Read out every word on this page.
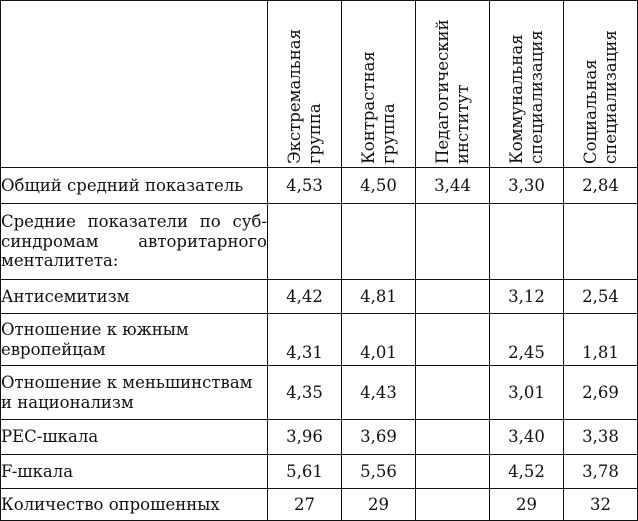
	Экстремальная группа	Контрастная группа	Педагогический институт	Коммунальная специализация	Социальная специализация

Общий средний показатель	4,53	4,50	3,44	3,30	2,84

Средние показатели по суб-
синдромам авторитарного
менталитета:					

Антисемитизм	4,42	4,81		3,12	2,54

Отношение к южным
европейцам	4,31	4,01		2,45	1,81

Отношение к меньшинствам
и национализм	4,35	4,43		3,01	2,69

РЕС-шкала	3,96	3,69		3,40	3,38

F-шкала	5,61	5,56		4,52	3,78

Количество опрошенных	27	29		29	32
